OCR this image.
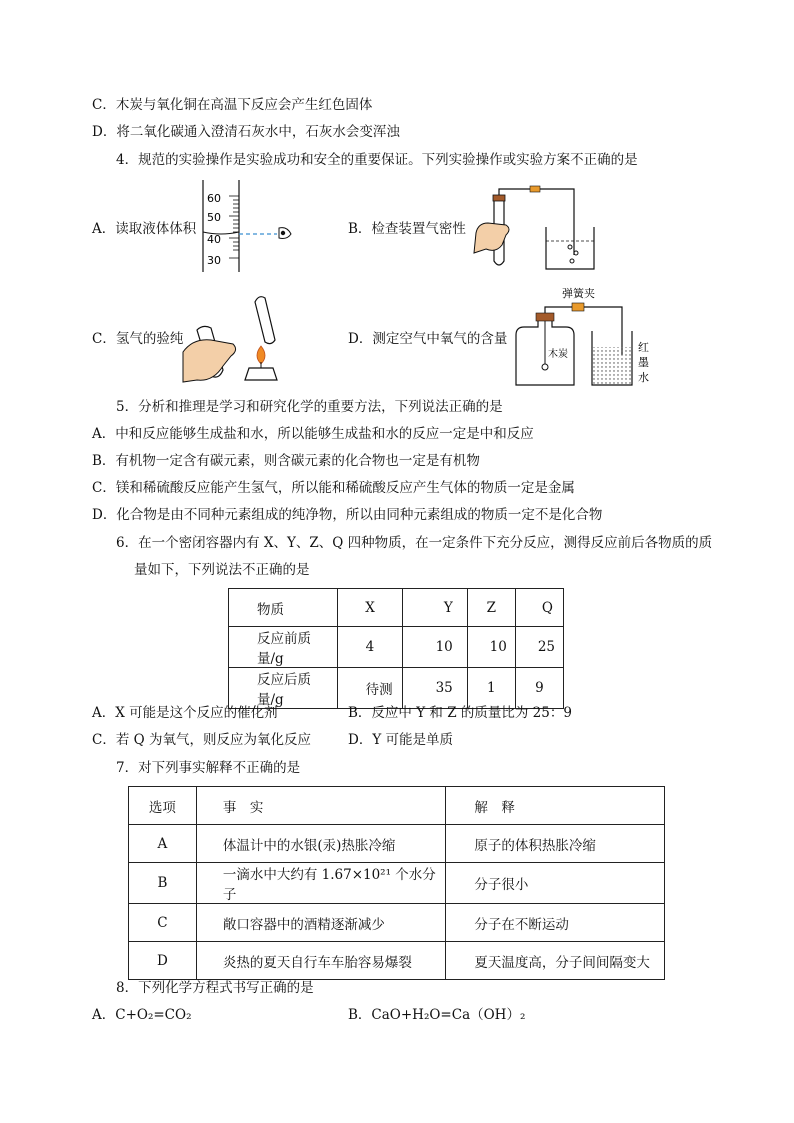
C．木炭与氧化铜在高温下反应会产生红色固体
D．将二氧化碳通入澄清石灰水中，石灰水会变浑浊
4．规范的实验操作是实验成功和安全的重要保证。下列实验操作或实验方案不正确的是
A．读取液体体积
60
50
40
30
B．检查装置气密性
C．氢气的验纯	D．测定空气中氧气的含量
弹簧夹
木炭
红
墨
水
5．分析和推理是学习和研究化学的重要方法，下列说法正确的是
A．中和反应能够生成盐和水，所以能够生成盐和水的反应一定是中和反应
B．有机物一定含有碳元素，则含碳元素的化合物也一定是有机物
C．镁和稀硫酸反应能产生氢气，所以能和稀硫酸反应产生气体的物质一定是金属
D．化合物是由不同种元素组成的纯净物，所以由同种元素组成的物质一定不是化合物
6．在一个密闭容器内有 X、Y、Z、Q 四种物质，在一定条件下充分反应，测得反应前后各物质的质
量如下，下列说法不正确的是
物质	X	Y	Z	Q
反应前质量/g	4	10	10	25
反应后质量/g	待测	35	1	9
A．X 可能是这个反应的催化剂	B．反应中 Y 和 Z 的质量比为 25：9
C．若 Q 为氧气，则反应为氧化反应	D．Y 可能是单质
7．对下列事实解释不正确的是
选项	事　实	解　释
A	体温计中的水银(汞)热胀冷缩	原子的体积热胀冷缩
B	一滴水中大约有 1.67×10²¹ 个水分子	分子很小
C	敞口容器中的酒精逐渐减少	分子在不断运动
D	炎热的夏天自行车车胎容易爆裂	夏天温度高，分子间间隔变大
8．下列化学方程式书写正确的是
A．C+O₂=CO₂	B．CaO+H₂O=Ca（OH）₂
